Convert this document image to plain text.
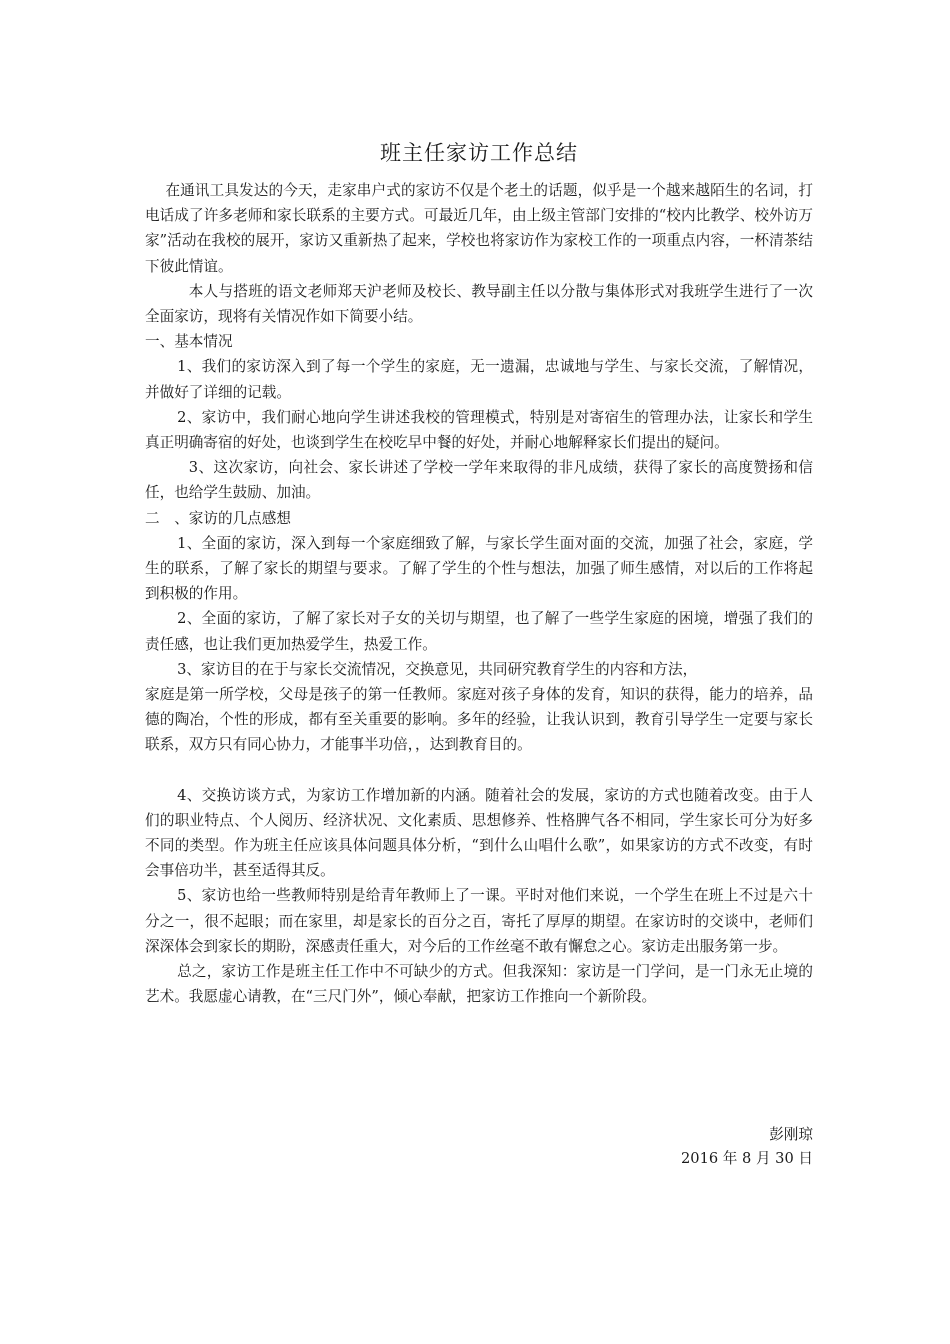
班主任家访工作总结

在通讯工具发达的今天，走家串户式的家访不仅是个老土的话题，似乎是一个越来越陌生的名词，打电话成了许多老师和家长联系的主要方式。可最近几年，由上级主管部门安排的“校内比教学、校外访万家”活动在我校的展开，家访又重新热了起来，学校也将家访作为家校工作的一项重点内容，一杯清茶结下彼此情谊。

本人与搭班的语文老师郑天沪老师及校长、教导副主任以分散与集体形式对我班学生进行了一次全面家访，现将有关情况作如下简要小结。

一、基本情况

1、我们的家访深入到了每一个学生的家庭，无一遗漏，忠诚地与学生、与家长交流，了解情况，并做好了详细的记载。

2、家访中，我们耐心地向学生讲述我校的管理模式，特别是对寄宿生的管理办法，让家长和学生真正明确寄宿的好处，也谈到学生在校吃早中餐的好处，并耐心地解释家长们提出的疑问。

3、这次家访，向社会、家长讲述了学校一学年来取得的非凡成绩，获得了家长的高度赞扬和信任，也给学生鼓励、加油。

二　、家访的几点感想

1、全面的家访，深入到每一个家庭细致了解，与家长学生面对面的交流，加强了社会，家庭，学生的联系，了解了家长的期望与要求。了解了学生的个性与想法，加强了师生感情，对以后的工作将起到积极的作用。

2、全面的家访，了解了家长对子女的关切与期望，也了解了一些学生家庭的困境，增强了我们的责任感，也让我们更加热爱学生，热爱工作。

3、家访目的在于与家长交流情况，交换意见，共同研究教育学生的内容和方法，

家庭是第一所学校，父母是孩子的第一任教师。家庭对孩子身体的发育，知识的获得，能力的培养，品德的陶冶，个性的形成，都有至关重要的影响。多年的经验，让我认识到，教育引导学生一定要与家长联系，双方只有同心协力，才能事半功倍，，达到教育目的。

4、交换访谈方式，为家访工作增加新的内涵。随着社会的发展，家访的方式也随着改变。由于人们的职业特点、个人阅历、经济状况、文化素质、思想修养、性格脾气各不相同，学生家长可分为好多不同的类型。作为班主任应该具体问题具体分析，“到什么山唱什么歌”，如果家访的方式不改变，有时会事倍功半，甚至适得其反。

5、家访也给一些教师特别是给青年教师上了一课。平时对他们来说，一个学生在班上不过是六十分之一，很不起眼；而在家里，却是家长的百分之百，寄托了厚厚的期望。在家访时的交谈中，老师们深深体会到家长的期盼，深感责任重大，对今后的工作丝毫不敢有懈怠之心。家访走出服务第一步。

总之，家访工作是班主任工作中不可缺少的方式。但我深知：家访是一门学问，是一门永无止境的艺术。我愿虚心请教，在“三尺门外”，倾心奉献，把家访工作推向一个新阶段。

彭刚琼
2016 年 8 月 30 日
